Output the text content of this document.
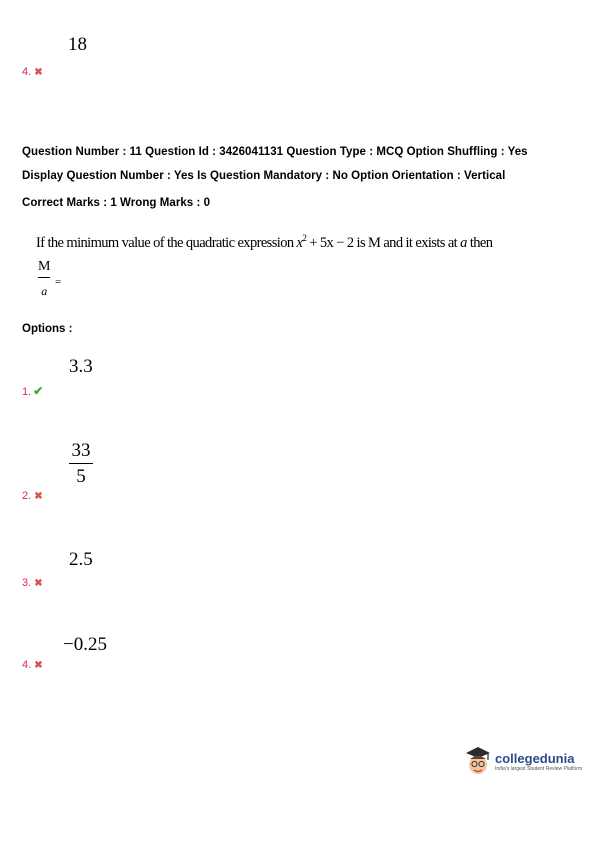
18
4. ✖
Question Number : 11 Question Id : 3426041131 Question Type : MCQ Option Shuffling : Yes
Display Question Number : Yes Is Question Mandatory : No Option Orientation : Vertical
Correct Marks : 1 Wrong Marks : 0
If the minimum value of the quadratic expression $x^2 + 5x - 2$ is M and it exists at a then
$\frac{M}{a}$ =
Options :
3.3
1. ✔
$\frac{33}{5}$
2. ✖
2.5
3. ✖
−0.25
4. ✖
collegedunia
India's largest Student Review Platform
